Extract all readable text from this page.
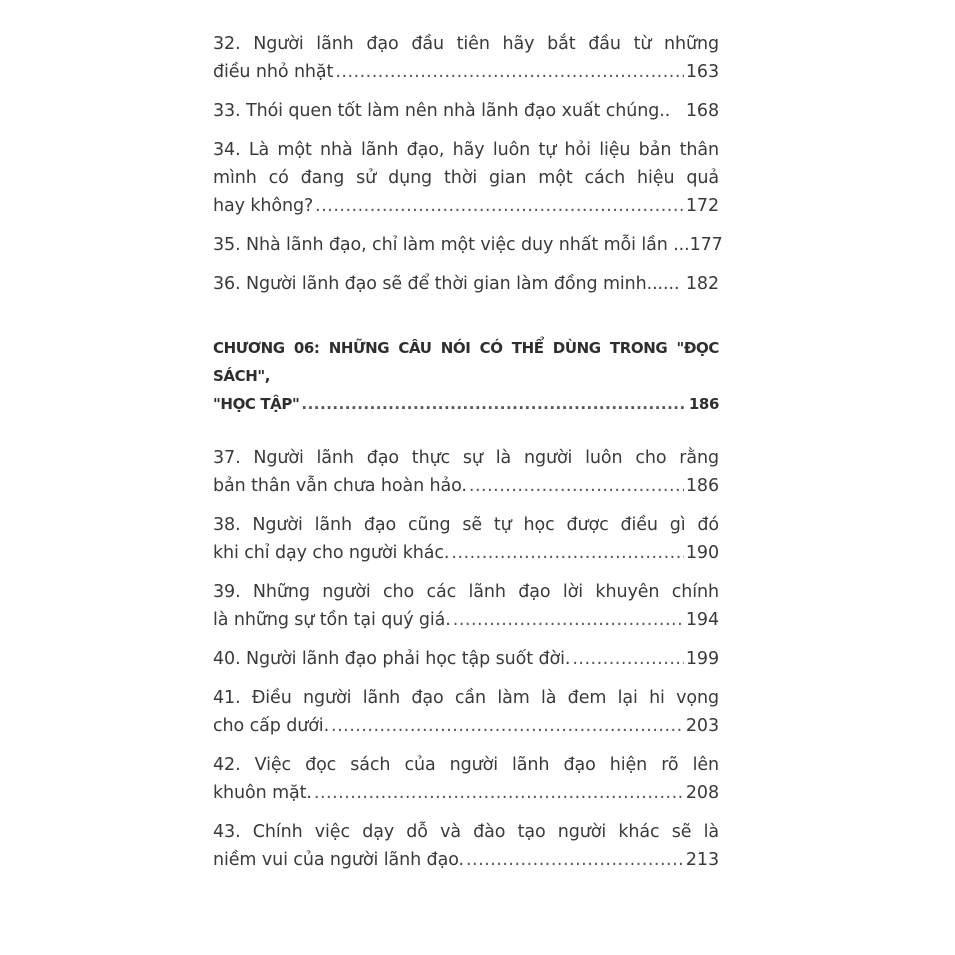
32. Người lãnh đạo đầu tiên hãy bắt đầu từ những
điều nhỏ nhặt .....	163
33. Thói quen tốt làm nên nhà lãnh đạo xuất chúng.. 168
34. Là một nhà lãnh đạo, hãy luôn tự hỏi liệu bản thân
mình có đang sử dụng thời gian một cách hiệu quả
hay không? .....	172
35. Nhà lãnh đạo, chỉ làm một việc duy nhất mỗi lần ... 177
36. Người lãnh đạo sẽ để thời gian làm đồng minh...... 182
CHƯƠNG 06: NHỮNG CÂU NÓI CÓ THỂ DÙNG TRONG "ĐỌC SÁCH",
"HỌC TẬP" .....	186
37. Người lãnh đạo thực sự là người luôn cho rằng
bản thân vẫn chưa hoàn hảo. .....	186
38. Người lãnh đạo cũng sẽ tự học được điều gì đó
khi chỉ dạy cho người khác. .....	190
39. Những người cho các lãnh đạo lời khuyên chính
là những sự tồn tại quý giá. .....	194
40. Người lãnh đạo phải học tập suốt đời. .....	199
41. Điều người lãnh đạo cần làm là đem lại hi vọng
cho cấp dưới. .....	203
42. Việc đọc sách của người lãnh đạo hiện rõ lên
khuôn mặt. .....	208
43. Chính việc dạy dỗ và đào tạo người khác sẽ là
niềm vui của người lãnh đạo. .....	213
